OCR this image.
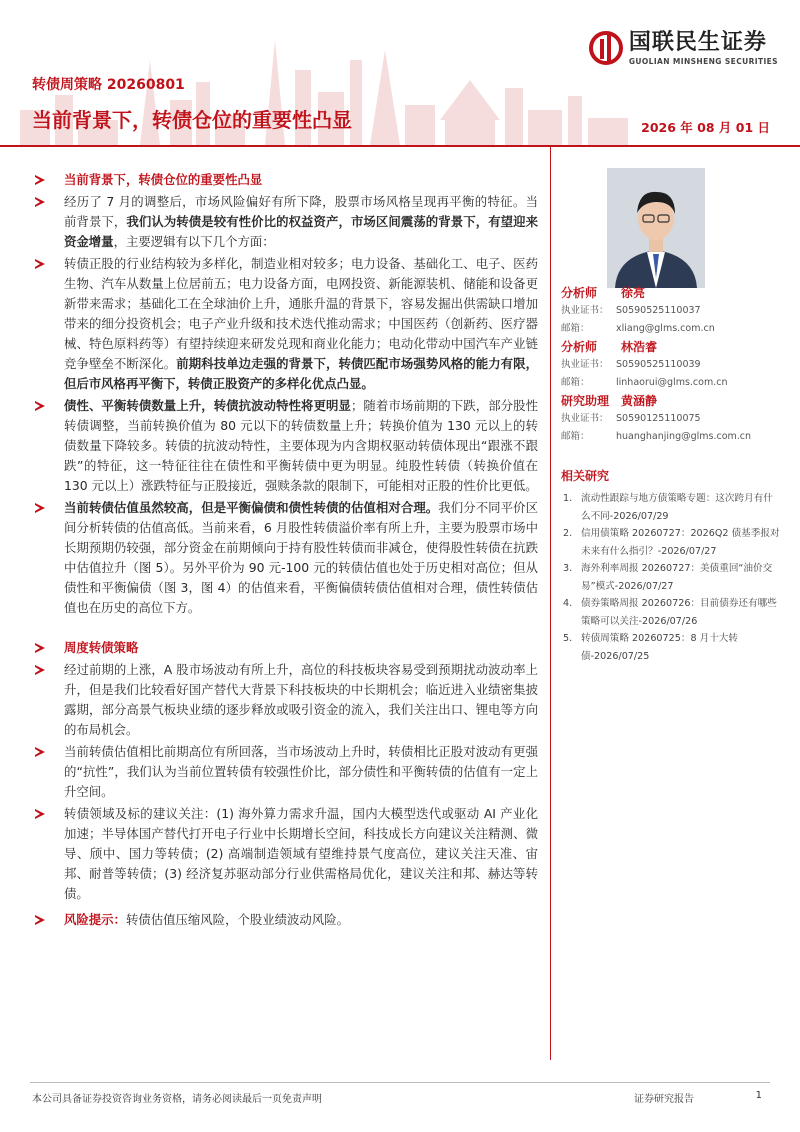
国联民生证券
GUOLIAN MINSHENG SECURITIES
转债周策略 20260801
当前背景下，转债仓位的重要性凸显	2026 年 08 月 01 日
当前背景下，转债仓位的重要性凸显
经历了 7 月的调整后，市场风险偏好有所下降，股票市场风格呈现再平衡的特征。当前背景下，我们认为转债是较有性价比的权益资产，市场区间震荡的背景下，有望迎来资金增量，主要逻辑有以下几个方面：
转债正股的行业结构较为多样化，制造业相对较多；电力设备、基础化工、电子、医药生物、汽车从数量上位居前五；电力设备方面，电网投资、新能源装机、储能和设备更新带来需求；基础化工在全球油价上升，通胀升温的背景下，容易发掘出供需缺口增加带来的细分投资机会；电子产业升级和技术迭代推动需求；中国医药（创新药、医疗器械、特色原料药等）有望持续迎来研发兑现和商业化能力；电动化带动中国汽车产业链竞争壁垒不断深化。前期科技单边走强的背景下，转债匹配市场强势风格的能力有限，但后市风格再平衡下，转债正股资产的多样化优点凸显。
债性、平衡转债数量上升，转债抗波动特性将更明显；随着市场前期的下跌，部分股性转债调整，当前转换价值为 80 元以下的转债数量上升；转换价值为 130 元以上的转债数量下降较多。转债的抗波动特性，主要体现为内含期权驱动转债体现出“跟涨不跟跌”的特征，这一特征往往在债性和平衡转债中更为明显。纯股性转债（转换价值在 130 元以上）涨跌特征与正股接近，强赎条款的限制下，可能相对正股的性价比更低。
当前转债估值虽然较高，但是平衡偏债和债性转债的估值相对合理。我们分不同平价区间分析转债的估值高低。当前来看，6 月股性转债溢价率有所上升，主要为股票市场中长期预期仍较强，部分资金在前期倾向于持有股性转债而非减仓，使得股性转债在抗跌中估值拉升（图 5）。另外平价为 90 元-100 元的转债估值也处于历史相对高位；但从债性和平衡偏债（图 3，图 4）的估值来看，平衡偏债转债估值相对合理，债性转债估值也在历史的高位下方。
周度转债策略
经过前期的上涨，A 股市场波动有所上升，高位的科技板块容易受到预期扰动波动率上升，但是我们比较看好国产替代大背景下科技板块的中长期机会；临近进入业绩密集披露期，部分高景气板块业绩的逐步释放或吸引资金的流入，我们关注出口、锂电等方向的布局机会。
当前转债估值相比前期高位有所回落，当市场波动上升时，转债相比正股对波动有更强的“抗性”，我们认为当前位置转债有较强性价比，部分债性和平衡转债的估值有一定上升空间。
转债领域及标的建议关注：(1) 海外算力需求升温，国内大模型迭代或驱动 AI 产业化加速；半导体国产替代打开电子行业中长期增长空间，科技成长方向建议关注精测、微导、颀中、国力等转债；(2) 高端制造领域有望维持景气度高位，建议关注天准、宙邦、耐普等转债；(3) 经济复苏驱动部分行业供需格局优化，建议关注和邦、赫达等转债。
风险提示：转债估值压缩风险，个股业绩波动风险。
分析师	徐亮
执业证书： S0590525110037
邮箱：	xliang@glms.com.cn
分析师	林浩睿
执业证书： S0590525110039
邮箱：	linhaorui@glms.com.cn
研究助理 黄涵静
执业证书： S0590125110075
邮箱：	huanghanjing@glms.com.cn
相关研究
1. 流动性跟踪与地方债策略专题：这次跨月有什么不同-2026/07/29
2. 信用债策略 20260727：2026Q2 债基季报对未来有什么指引？-2026/07/27
3. 海外利率周报 20260727：美债重回“油价交易”模式-2026/07/27
4. 债券策略周报 20260726：目前债券还有哪些策略可以关注-2026/07/26
5. 转债周策略 20260725：8 月十大转债-2026/07/25
本公司具备证券投资咨询业务资格，请务必阅读最后一页免责声明	证券研究报告	1
